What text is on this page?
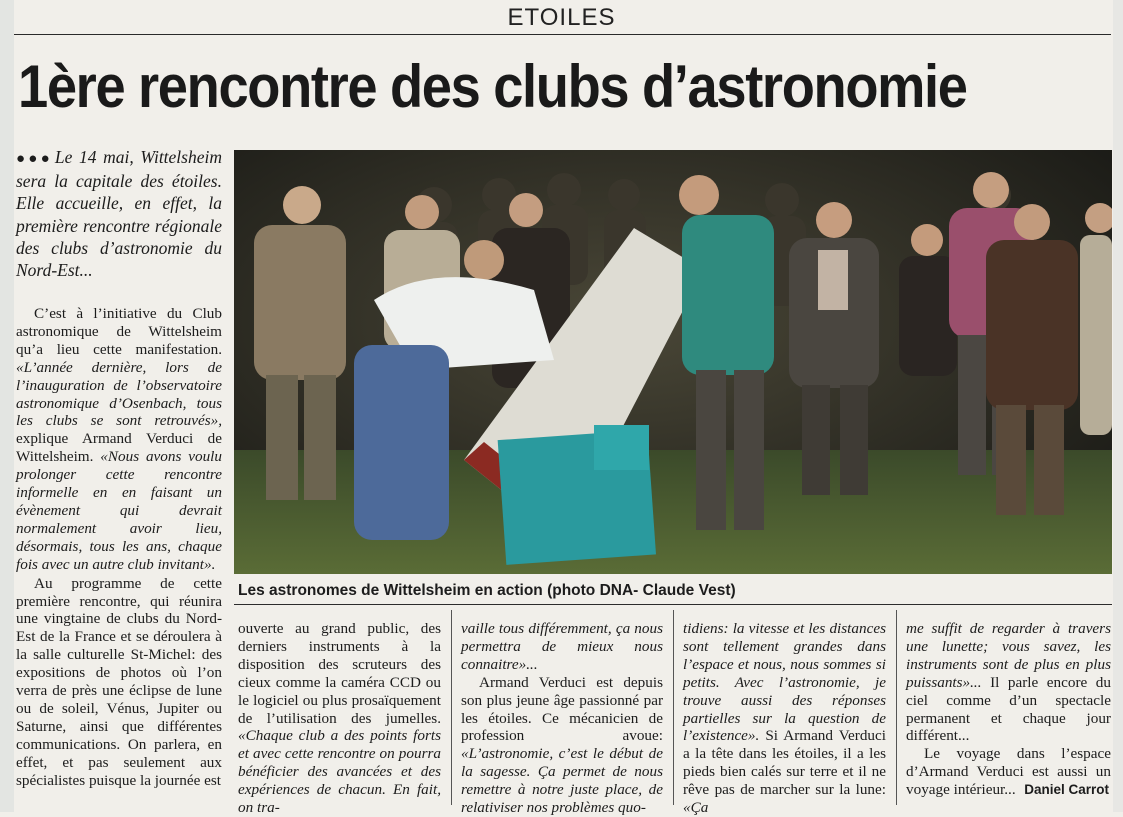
ETOILES
1ère rencontre des clubs d’astronomie
●●● Le 14 mai, Wittelsheim sera la capitale des étoiles. Elle accueille, en effet, la première rencontre régionale des clubs d’astronomie du Nord-Est...

C’est à l’initiative du Club astronomique de Wittelsheim qu’a lieu cette manifestation. «L’année dernière, lors de l’inauguration de l’observatoire astronomique d’Osenbach, tous les clubs se sont retrouvés», explique Armand Verduci de Wittelsheim. «Nous avons voulu prolonger cette rencontre informelle en en faisant un évènement qui devrait normalement avoir lieu, désormais, tous les ans, chaque fois avec un autre club invitant».

Au programme de cette première rencontre, qui réunira une vingtaine de clubs du Nord-Est de la France et se déroulera à la salle culturelle St-Michel: des expositions de photos où l’on verra de près une éclipse de lune ou de soleil, Vénus, Jupiter ou Saturne, ainsi que différentes communications. On parlera, en effet, et pas seulement aux spécialistes puisque la journée est

Les astronomes de Wittelsheim en action (photo DNA- Claude Vest)

ouverte au grand public, des derniers instruments à la disposition des scruteurs des cieux comme la caméra CCD ou le logiciel ou plus prosaïquement de l’utilisation des jumelles. «Chaque club a des points forts et avec cette rencontre on pourra bénéficier des avancées et des expériences de chacun. En fait, on tra-

vaille tous différemment, ça nous permettra de mieux nous connaitre»...

Armand Verduci est depuis son plus jeune âge passionné par les étoiles. Ce mécanicien de profession avoue: «L’astronomie, c’est le début de la sagesse. Ça permet de nous remettre à notre juste place, de relativiser nos problèmes quo-

tidiens: la vitesse et les distances sont tellement grandes dans l’espace et nous, nous sommes si petits. Avec l’astronomie, je trouve aussi des réponses partielles sur la question de l’existence». Si Armand Verduci a la tête dans les étoiles, il a les pieds bien calés sur terre et il ne rêve pas de marcher sur la lune: «Ça

me suffit de regarder à travers une lunette; vous savez, les instruments sont de plus en plus puissants»... Il parle encore du ciel comme d’un spectacle permanent et chaque jour différent...

Le voyage dans l’espace d’Armand Verduci est aussi un voyage intérieur... Daniel Carrot
